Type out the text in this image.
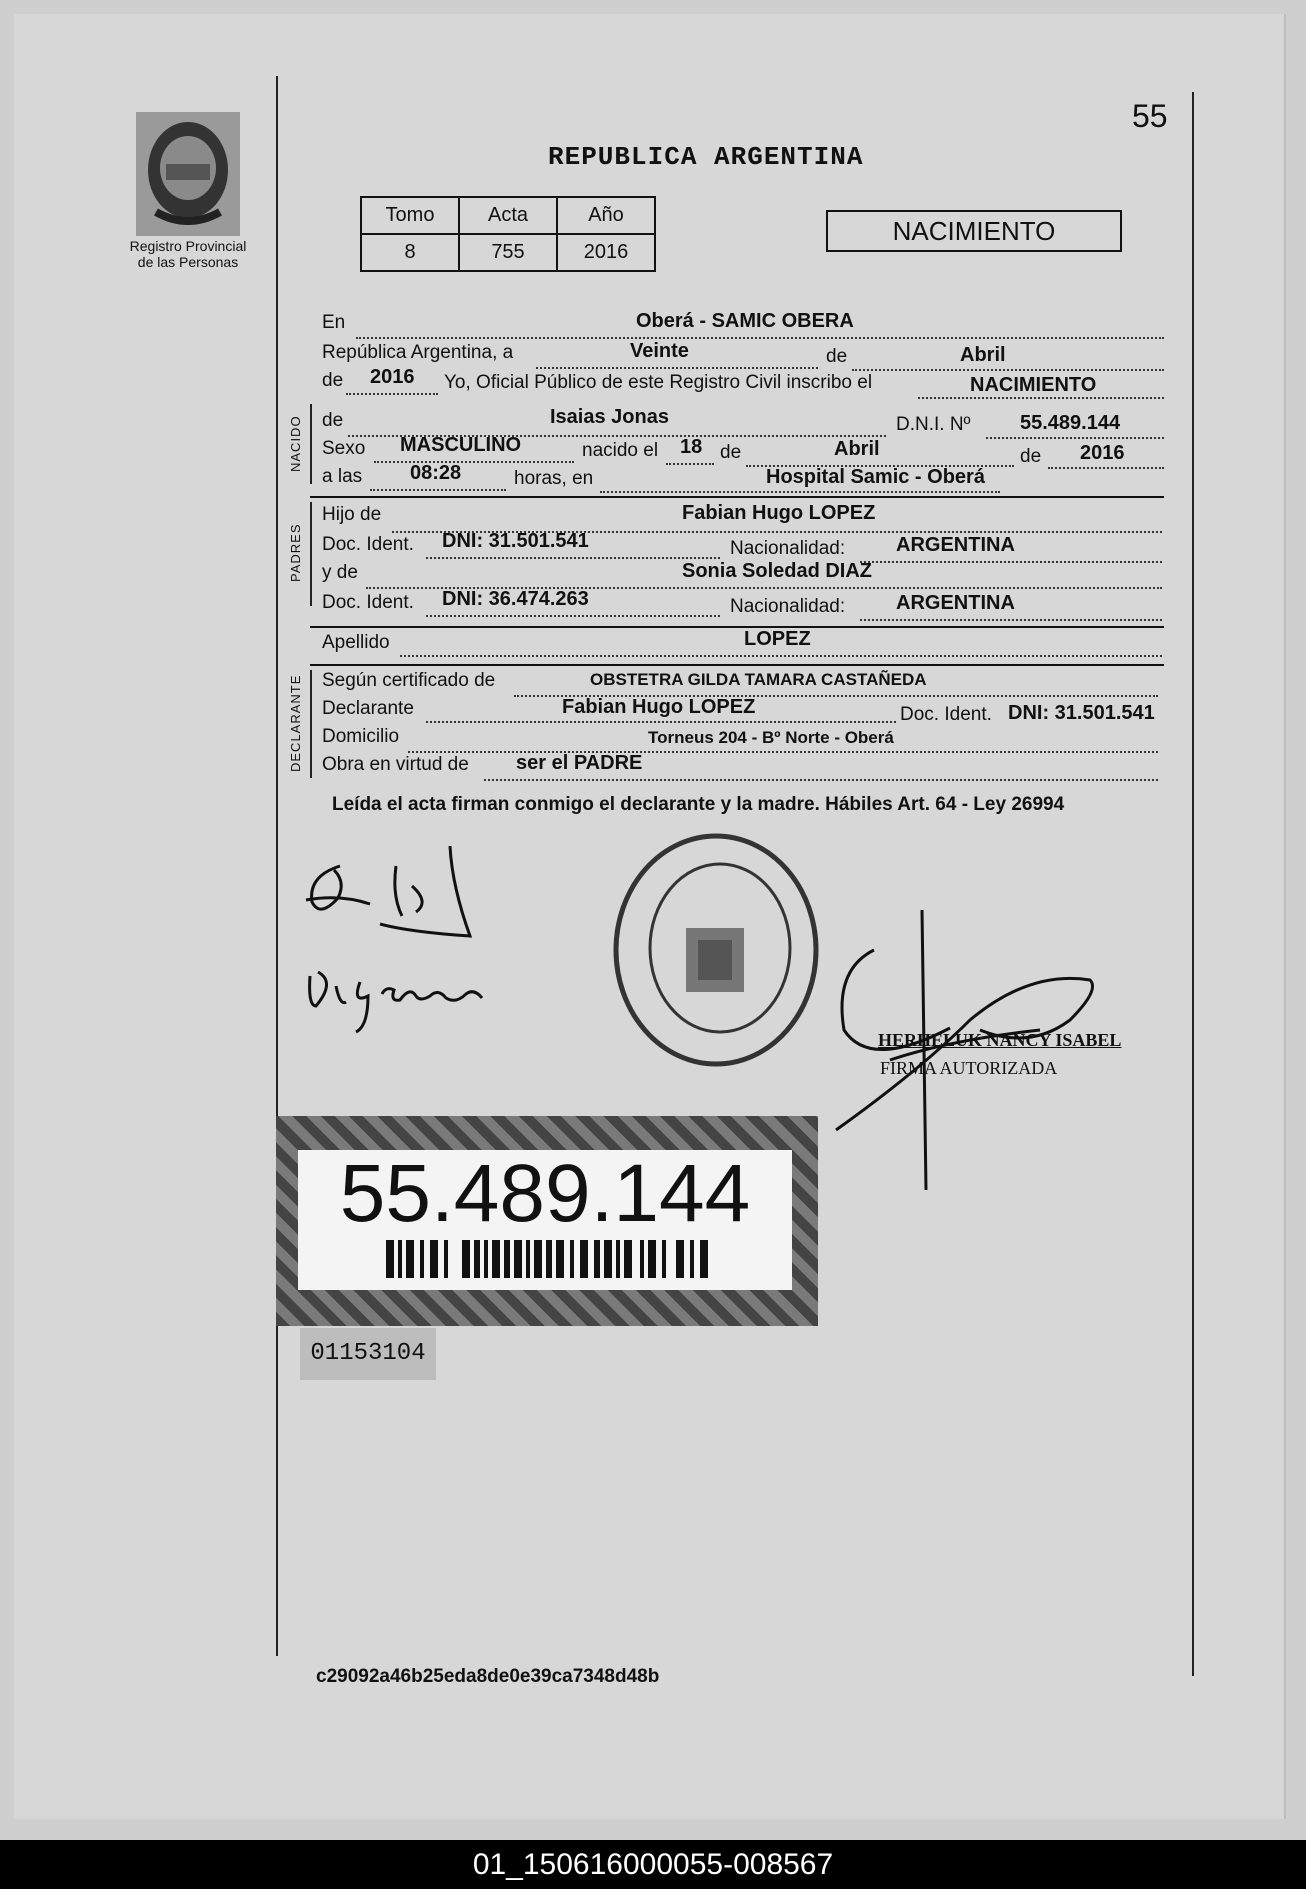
Registro Provincial
de las Personas
55
REPUBLICA ARGENTINA
Tomo	Acta	Año
8	755	2016
NACIMIENTO
En	Oberá - SAMIC OBERA
República Argentina, a	Veinte	de	Abril
de 2016 Yo, Oficial Público de este Registro Civil inscribo el	NACIMIENTO
NACIDO de	Isaias Jonas	D.N.I. Nº 55.489.144
Sexo MASCULINO	nacido el 18 de	Abril	de 2016
a las 08:28	horas, en	Hospital Samic - Oberá
PADRES
Hijo de	Fabian Hugo LOPEZ
Doc. Ident. DNI: 31.501.541	Nacionalidad:	ARGENTINA
y de	Sonia Soledad DIAZ
Doc. Ident. DNI: 36.474.263	Nacionalidad:	ARGENTINA
Apellido	LOPEZ
DECLARANTE Según certificado de	OBSTETRA GILDA TAMARA CASTAÑEDA
Declarante	Fabian Hugo LOPEZ	Doc. Ident. DNI: 31.501.541
Domicilio	Torneus 204 - Bº Norte - Oberá
Obra en virtud de ser el PADRE
Leída el acta firman conmigo el declarante y la madre. Hábiles Art. 64 - Ley 26994
HERHELUK NANCY ISABEL
FIRMA AUTORIZADA
55.489.144
01153104
c29092a46b25eda8de0e39ca7348d48b
01_150616000055-008567
